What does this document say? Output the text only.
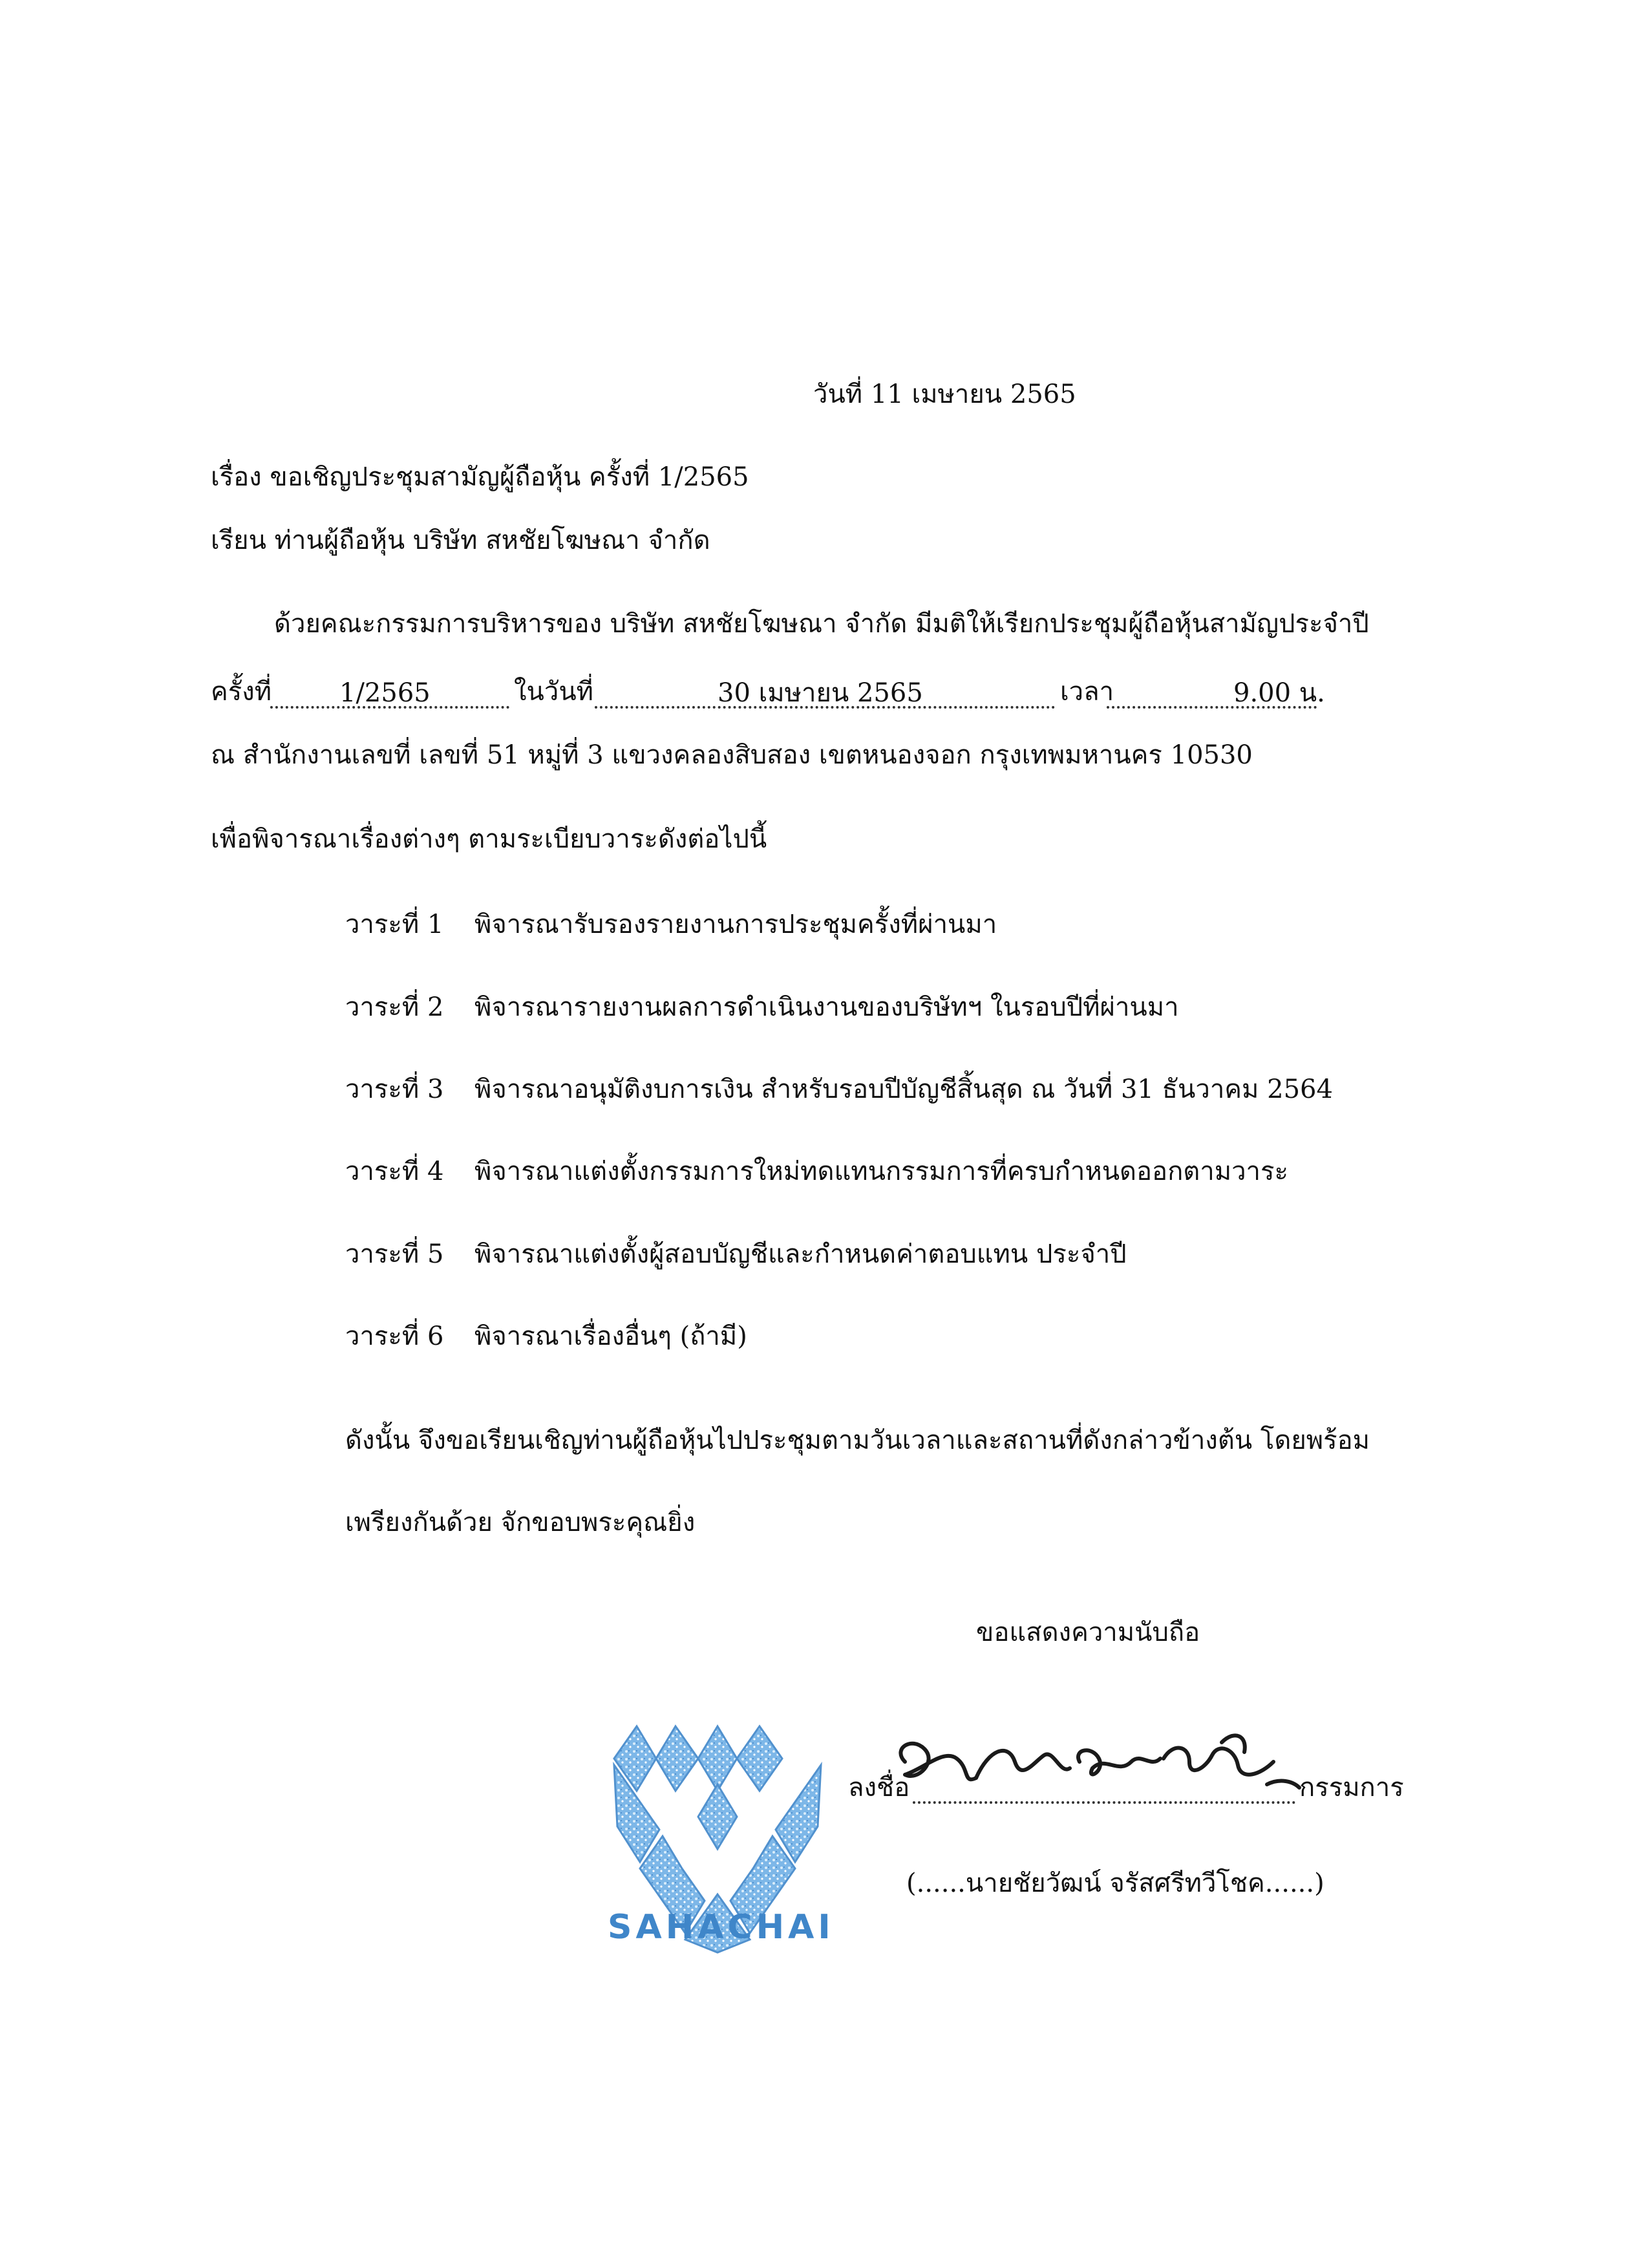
วันที่ 11 เมษายน 2565
เรื่อง ขอเชิญประชุมสามัญผู้ถือหุ้น ครั้งที่ 1/2565
เรียน ท่านผู้ถือหุ้น บริษัท สหชัยโฆษณา จำกัด
ด้วยคณะกรรมการบริหารของ บริษัท สหชัยโฆษณา จำกัด มีมติให้เรียกประชุมผู้ถือหุ้นสามัญประจำปี
ครั้งที่	1/2565	ในวันที่	30 เมษายน 2565	เวลา	9.00 น.
ณ สำนักงานเลขที่ เลขที่ 51 หมู่ที่ 3 แขวงคลองสิบสอง เขตหนองจอก กรุงเทพมหานคร 10530
เพื่อพิจารณาเรื่องต่างๆ ตามระเบียบวาระดังต่อไปนี้
วาระที่ 1 พิจารณารับรองรายงานการประชุมครั้งที่ผ่านมา
วาระที่ 2 พิจารณารายงานผลการดำเนินงานของบริษัทฯ ในรอบปีที่ผ่านมา
วาระที่ 3 พิจารณาอนุมัติงบการเงิน สำหรับรอบปีบัญชีสิ้นสุด ณ วันที่ 31 ธันวาคม 2564
วาระที่ 4 พิจารณาแต่งตั้งกรรมการใหม่ทดแทนกรรมการที่ครบกำหนดออกตามวาระ
วาระที่ 5 พิจารณาแต่งตั้งผู้สอบบัญชีและกำหนดค่าตอบแทน ประจำปี
วาระที่ 6 พิจารณาเรื่องอื่นๆ (ถ้ามี)
ดังนั้น จึงขอเรียนเชิญท่านผู้ถือหุ้นไปประชุมตามวันเวลาและสถานที่ดังกล่าวข้างต้น โดยพร้อม
เพรียงกันด้วย จักขอบพระคุณยิ่ง
ขอแสดงความนับถือ
SAHACHAI
ลงชื่อ	กรรมการ
(......นายชัยวัฒน์ จรัสศรีทวีโชค......)
